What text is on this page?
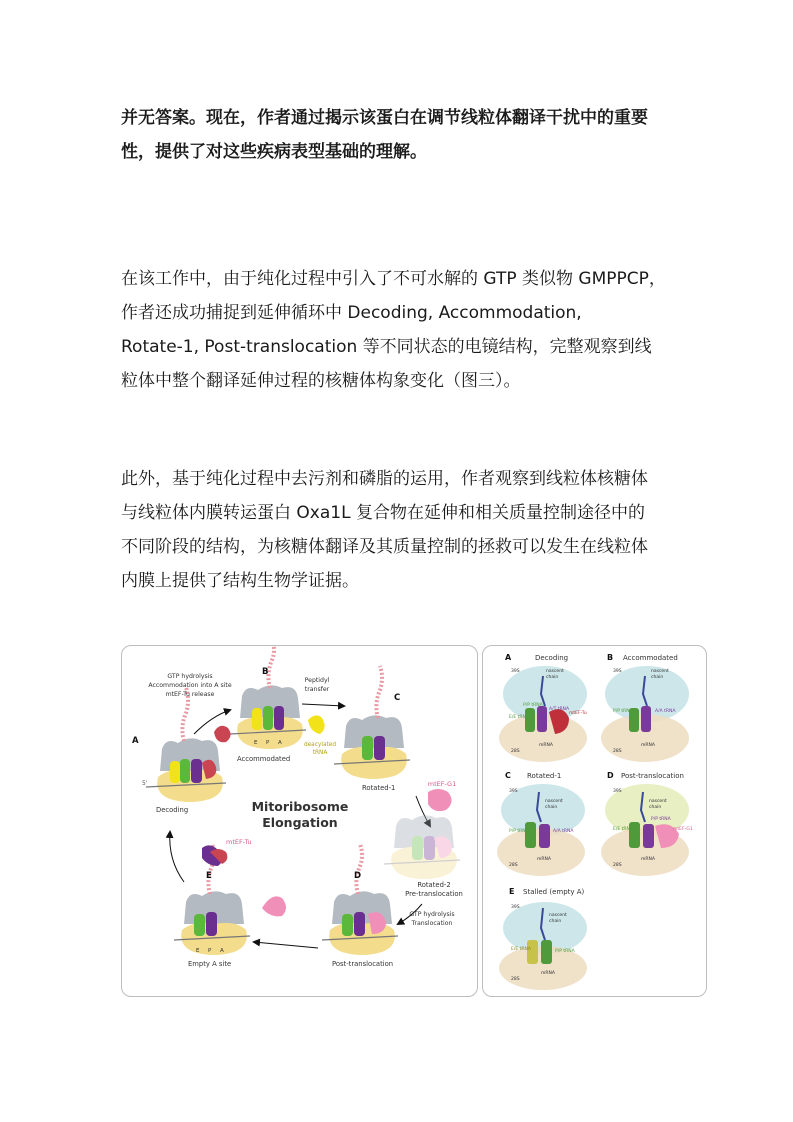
并无答案。现在，作者通过揭示该蛋白在调节线粒体翻译干扰中的重要
性，提供了对这些疾病表型基础的理解。

在该工作中，由于纯化过程中引入了不可水解的 GTP 类似物 GMPPCP，
作者还成功捕捉到延伸循环中 Decoding, Accommodation,
Rotate-1, Post-translocation 等不同状态的电镜结构，完整观察到线
粒体中整个翻译延伸过程的核糖体构象变化（图三）。

此外，基于纯化过程中去污剂和磷脂的运用，作者观察到线粒体核糖体
与线粒体内膜转运蛋白 Oxa1L 复合物在延伸和相关质量控制途径中的
不同阶段的结构，为核糖体翻译及其质量控制的拯救可以发生在线粒体
内膜上提供了结构生物学证据。

Mitoribosome
Elongation
5'
A
Decoding
E P A
B
Accommodated
GTP hydrolysis
Accommodation into A site
mtEF-Tu release
Peptidyl
transfer
deacylated
tRNA
C
Rotated-1	mtEF-G1
Rotated-2
Pre-translocation
GTP hydrolysis
Translocation
D
Post-translocation
E P A
E
Empty A site
mtEF-Tu
A	Decoding
39S	nascent
chain
P/P tRNA
E/E tRNA
A/T tRNA
mtEF-Tu
mRNA
28S
B Accommodated
39S	nascent
chain
P/P tRNA	A/A tRNA
mRNA
28S
C Rotated-1
39S
nascent
chain
P/P tRNA	A/A tRNA
mRNA
28S
D Post-translocation
39S
nascent
chain
E/E tRNA
P/P tRNA
mtEF-G1
mRNA
28S
E Stalled (empty A)
39S
nascent
chain
E/E tRNA	P/P tRNA
mRNA
28S
